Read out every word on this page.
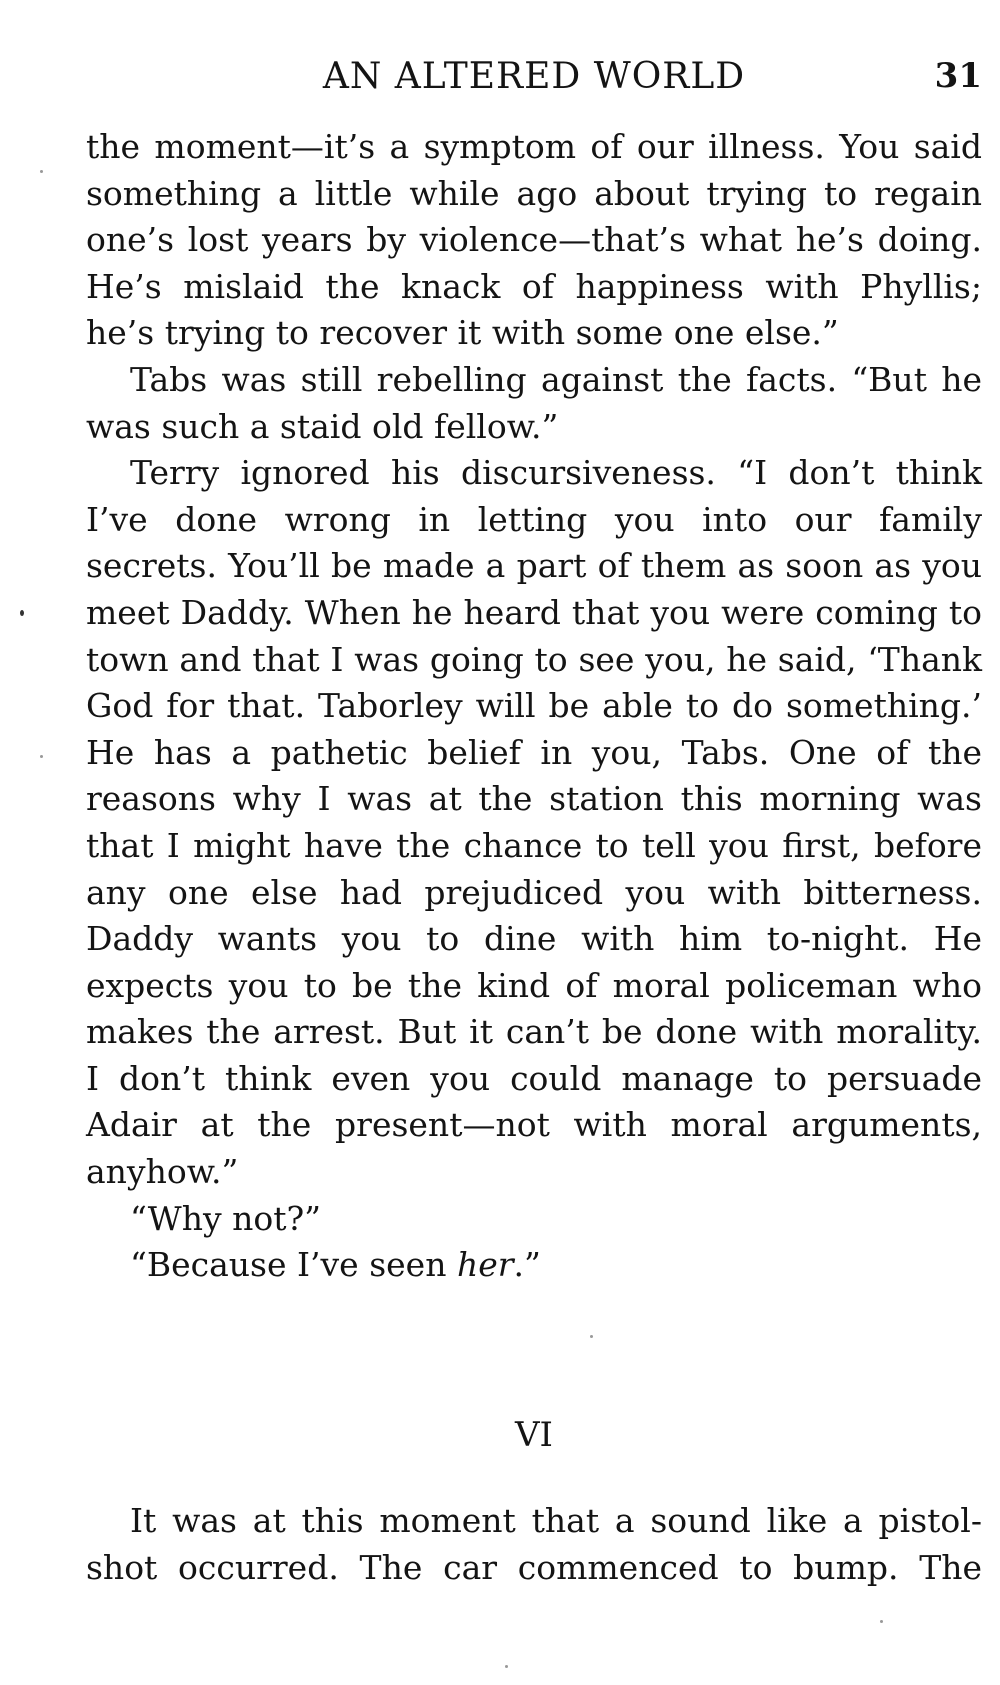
AN ALTERED WORLD	31

the moment—it’s a symptom of our illness. You said something a little while ago about trying to regain one’s lost years by violence—that’s what he’s doing. He’s mislaid the knack of happiness with Phyllis; he’s trying to recover it with some one else.”

Tabs was still rebelling against the facts. “But he was such a staid old fellow.”

Terry ignored his discursiveness. “I don’t think I’ve done wrong in letting you into our family secrets. You’ll be made a part of them as soon as you meet Daddy. When he heard that you were coming to town and that I was going to see you, he said, ‘Thank God for that. Taborley will be able to do something.’ He has a pathetic belief in you, Tabs. One of the reasons why I was at the station this morning was that I might have the chance to tell you first, before any one else had prejudiced you with bitterness. Daddy wants you to dine with him to-night. He expects you to be the kind of moral policeman who makes the arrest. But it can’t be done with morality. I don’t think even you could manage to persuade Adair at the present—not with moral arguments, anyhow.”

“Why not?”

“Because I’ve seen her.”

VI

It was at this moment that a sound like a pistol-shot occurred. The car commenced to bump. The
